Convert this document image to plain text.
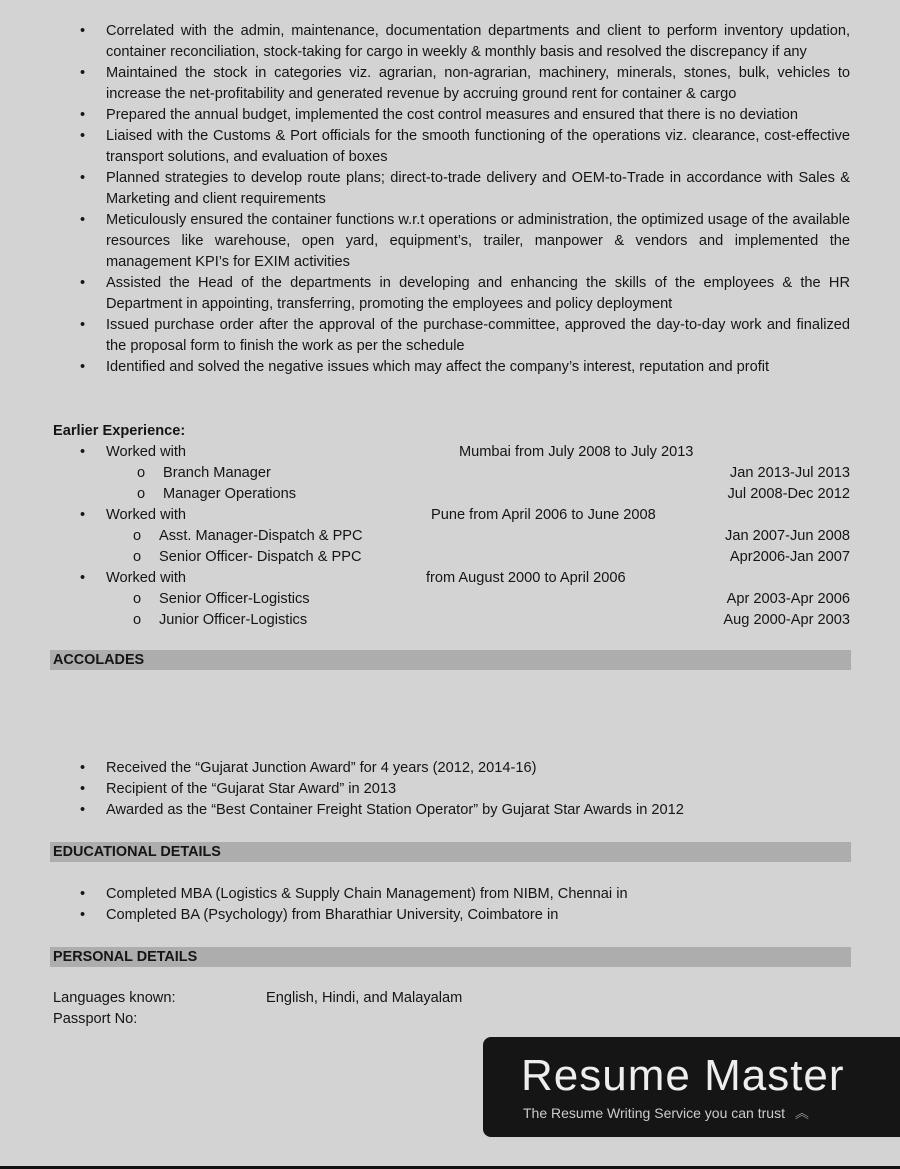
• Correlated with the admin, maintenance, documentation departments and client to perform inventory updation, container reconciliation, stock-taking for cargo in weekly & monthly basis and resolved the discrepancy if any
• Maintained the stock in categories viz. agrarian, non-agrarian, machinery, minerals, stones, bulk, vehicles to increase the net-profitability and generated revenue by accruing ground rent for container & cargo
• Prepared the annual budget, implemented the cost control measures and ensured that there is no deviation
• Liaised with the Customs & Port officials for the smooth functioning of the operations viz. clearance, cost-effective transport solutions, and evaluation of boxes
• Planned strategies to develop route plans; direct-to-trade delivery and OEM-to-Trade in accordance with Sales & Marketing and client requirements
• Meticulously ensured the container functions w.r.t operations or administration, the optimized usage of the available resources like warehouse, open yard, equipment’s, trailer, manpower & vendors and implemented the management KPI’s for EXIM activities
• Assisted the Head of the departments in developing and enhancing the skills of the employees & the HR Department in appointing, transferring, promoting the employees and policy deployment
• Issued purchase order after the approval of the purchase-committee, approved the day-to-day work and finalized the proposal form to finish the work as per the schedule
• Identified and solved the negative issues which may affect the company’s interest, reputation and profit
Earlier Experience:
• Worked with	Mumbai from July 2008 to July 2013
o Branch Manager	Jan 2013-Jul 2013
o Manager Operations	Jul 2008-Dec 2012
• Worked with	Pune from April 2006 to June 2008
o Asst. Manager-Dispatch & PPC	Jan 2007-Jun 2008
o Senior Officer- Dispatch & PPC	Apr2006-Jan 2007
• Worked with	from August 2000 to April 2006
o Senior Officer-Logistics	Apr 2003-Apr 2006
o Junior Officer-Logistics	Aug 2000-Apr 2003
ACCOLADES
• Received the “Gujarat Junction Award” for 4 years (2012, 2014-16)
• Recipient of the “Gujarat Star Award” in 2013
• Awarded as the “Best Container Freight Station Operator” by Gujarat Star Awards in 2012
EDUCATIONAL DETAILS
• Completed MBA (Logistics & Supply Chain Management) from NIBM, Chennai in
• Completed BA (Psychology) from Bharathiar University, Coimbatore in
PERSONAL DETAILS
Languages known:	English, Hindi, and Malayalam
Passport No:
Resume Master
The Resume Writing Service you can trust ︽
